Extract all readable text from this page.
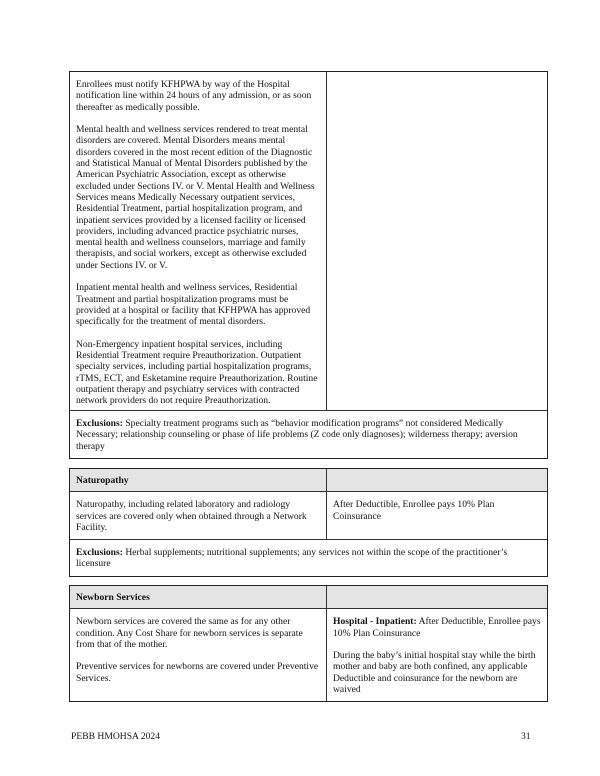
Enrollees must notify KFHPWA by way of the Hospital notification line within 24 hours of any admission, or as soon thereafter as medically possible.

Mental health and wellness services rendered to treat mental disorders are covered. Mental Disorders means mental disorders covered in the most recent edition of the Diagnostic and Statistical Manual of Mental Disorders published by the American Psychiatric Association, except as otherwise excluded under Sections IV. or V. Mental Health and Wellness Services means Medically Necessary outpatient services, Residential Treatment, partial hospitalization program, and inpatient services provided by a licensed facility or licensed providers, including advanced practice psychiatric nurses, mental health and wellness counselors, marriage and family therapists, and social workers, except as otherwise excluded under Sections IV. or V.

Inpatient mental health and wellness services, Residential Treatment and partial hospitalization programs must be provided at a hospital or facility that KFHPWA has approved specifically for the treatment of mental disorders.

Non-Emergency inpatient hospital services, including Residential Treatment require Preauthorization. Outpatient specialty services, including partial hospitalization programs, rTMS, ECT, and Esketamine require Preauthorization. Routine outpatient therapy and psychiatry services with contracted network providers do not require Preauthorization.

Exclusions: Specialty treatment programs such as “behavior modification programs” not considered Medically Necessary; relationship counseling or phase of life problems (Z code only diagnoses); wilderness therapy; aversion therapy
Naturopathy
Naturopathy, including related laboratory and radiology services are covered only when obtained through a Network Facility.
After Deductible, Enrollee pays 10% Plan Coinsurance
Exclusions: Herbal supplements; nutritional supplements; any services not within the scope of the practitioner’s licensure
Newborn Services

Newborn services are covered the same as for any other condition. Any Cost Share for newborn services is separate from that of the mother.

Preventive services for newborns are covered under Preventive Services.

Hospital - Inpatient: After Deductible, Enrollee pays 10% Plan Coinsurance

During the baby’s initial hospital stay while the birth mother and baby are both confined, any applicable Deductible and coinsurance for the newborn are waived

PEBB HMOHSA 2024	31
